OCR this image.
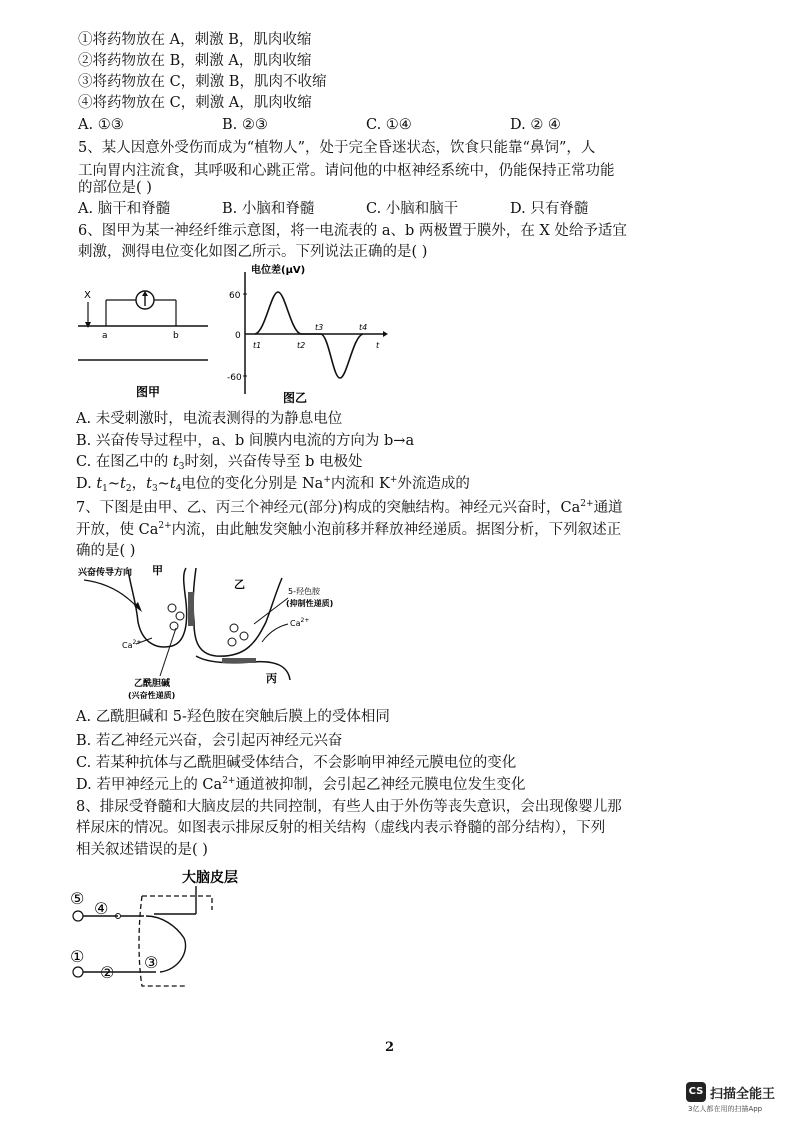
①将药物放在 A，刺激 B，肌肉收缩
②将药物放在 B，刺激 A，肌肉收缩
③将药物放在 C，刺激 B，肌肉不收缩
④将药物放在 C，刺激 A，肌肉收缩
A. ①③	B. ②③	C. ①④	D. ② ④
5、某人因意外受伤而成为“植物人”，处于完全昏迷状态，饮食只能靠“鼻饲”，人
工向胃内注流食，其呼吸和心跳正常。请问他的中枢神经系统中，仍能保持正常功能
的部位是( )
A. 脑干和脊髓	B. 小脑和脊髓	C. 小脑和脑干	D. 只有脊髓
6、图甲为某一神经纤维示意图，将一电流表的 a、b 两极置于膜外，在 X 处给予适宜
刺激，测得电位变化如图乙所示。下列说法正确的是( )
X
a	b
图甲
电位差(μV)
60
0
-60
t1	t2
t3	t4
t
图乙
A. 未受刺激时，电流表测得的为静息电位
B. 兴奋传导过程中，a、b 间膜内电流的方向为 b→a
C. 在图乙中的 $t_3$时刻，兴奋传导至 b 电极处
D. $t_1\sim t_2$，$t_3\sim t_4$电位的变化分别是 Na+内流和 K+外流造成的
7、下图是由甲、乙、丙三个神经元(部分)构成的突触结构。神经元兴奋时，$Ca^{2+}$通道
开放，使 $Ca^{2+}$内流，由此触发突触小泡前移并释放神经递质。据图分析，下列叙述正
确的是( )
兴奋传导方向 甲
乙
丙
$Ca^{2+}$
$Ca^{2+}$
5-羟色胺
(抑制性递质)
乙酰胆碱
(兴奋性递质)
A. 乙酰胆碱和 5-羟色胺在突触后膜上的受体相同
B. 若乙神经元兴奋，会引起丙神经元兴奋
C. 若某种抗体与乙酰胆碱受体结合，不会影响甲神经元膜电位的变化
D. 若甲神经元上的 $Ca^{2+}$通道被抑制，会引起乙神经元膜电位发生变化
8、排尿受脊髓和大脑皮层的共同控制，有些人由于外伤等丧失意识，会出现像婴儿那
样尿床的情况。如图表示排尿反射的相关结构（虚线内表示脊髓的部分结构），下列
相关叙述错误的是( )
大脑皮层
⑤
④
①
②
③
2
CS 扫描全能王
3亿人都在用的扫描App
